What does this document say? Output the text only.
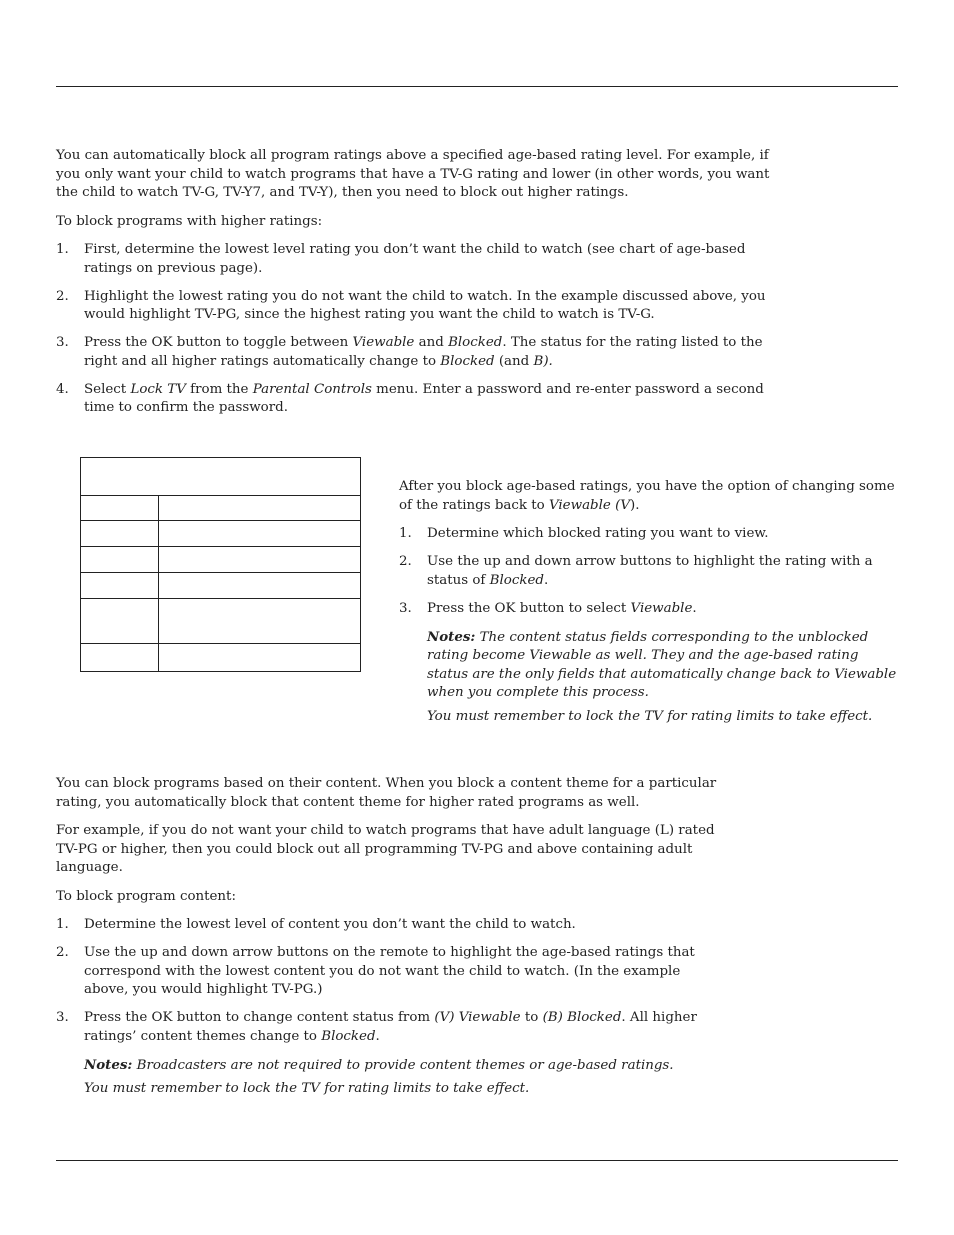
You can automatically block all program ratings above a specified age-based rating level. For example, if you only want your child to watch programs that have a TV-G rating and lower (in other words, you want the child to watch TV-G, TV-Y7, and TV-Y), then you need to block out higher ratings.

To block programs with higher ratings:

1. First, determine the lowest level rating you don’t want the child to watch (see chart of age-based ratings on previous page).
2. Highlight the lowest rating you do not want the child to watch. In the example discussed above, you would highlight TV-PG, since the highest rating you want the child to watch is TV-G.
3. Press the OK button to toggle between Viewable and Blocked. The status for the rating listed to the right and all higher ratings automatically change to Blocked (and B).
4. Select Lock TV from the Parental Controls menu. Enter a password and re-enter password a second time to confirm the password.

After you block age-based ratings, you have the option of changing some of the ratings back to Viewable (V).

1. Determine which blocked rating you want to view.
2. Use the up and down arrow buttons to highlight the rating with a status of Blocked.
3. Press the OK button to select Viewable.
Notes: The content status fields corresponding to the unblocked rating become Viewable as well. They and the age-based rating status are the only fields that automatically change back to Viewable when you complete this process.
You must remember to lock the TV for rating limits to take effect.

You can block programs based on their content. When you block a content theme for a particular rating, you automatically block that content theme for higher rated programs as well.

For example, if you do not want your child to watch programs that have adult language (L) rated TV-PG or higher, then you could block out all programming TV-PG and above containing adult language.

To block program content:

1. Determine the lowest level of content you don’t want the child to watch.
2. Use the up and down arrow buttons on the remote to highlight the age-based ratings that correspond with the lowest content you do not want the child to watch. (In the example above, you would highlight TV-PG.)
3. Press the OK button to change content status from (V) Viewable to (B) Blocked. All higher ratings’ content themes change to Blocked.
Notes: Broadcasters are not required to provide content themes or age-based ratings.
You must remember to lock the TV for rating limits to take effect.
